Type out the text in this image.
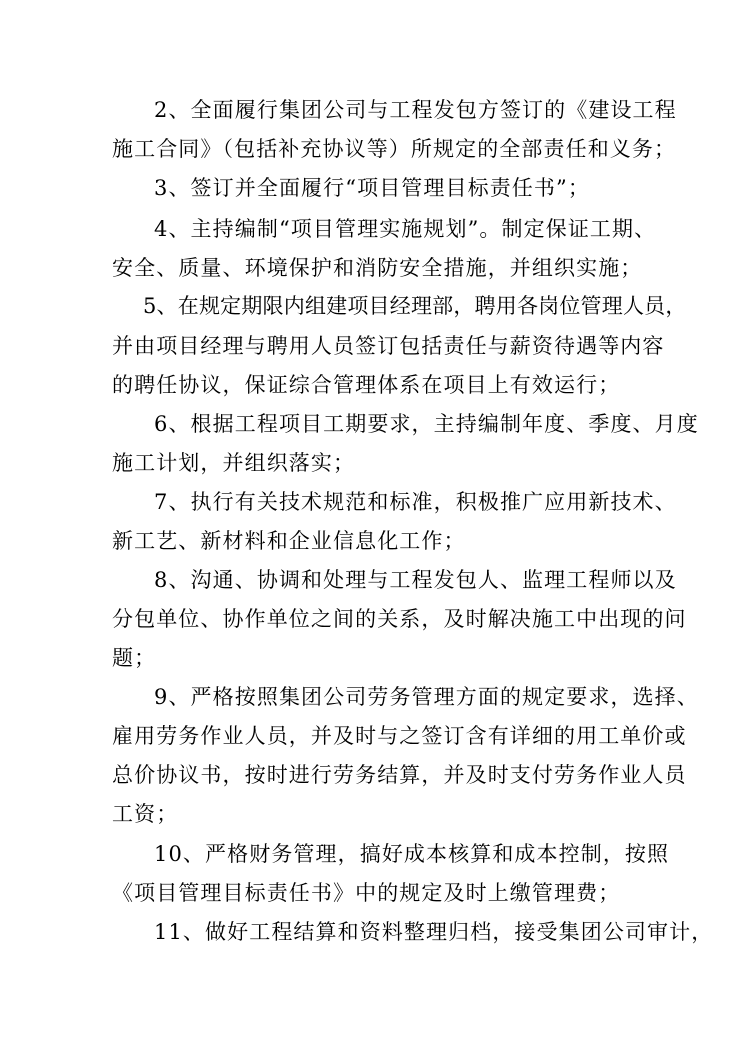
2、全面履行集团公司与工程发包方签订的《建设工程
施工合同》（包括补充协议等）所规定的全部责任和义务；
3、签订并全面履行“项目管理目标责任书”；
4、主持编制“项目管理实施规划”。制定保证工期、
安全、质量、环境保护和消防安全措施，并组织实施；
5、在规定期限内组建项目经理部，聘用各岗位管理人员，
并由项目经理与聘用人员签订包括责任与薪资待遇等内容
的聘任协议，保证综合管理体系在项目上有效运行；
6、根据工程项目工期要求，主持编制年度、季度、月度
施工计划，并组织落实；
7、执行有关技术规范和标准，积极推广应用新技术、
新工艺、新材料和企业信息化工作；
8、沟通、协调和处理与工程发包人、监理工程师以及
分包单位、协作单位之间的关系，及时解决施工中出现的问
题；
9、严格按照集团公司劳务管理方面的规定要求，选择、
雇用劳务作业人员，并及时与之签订含有详细的用工单价或
总价协议书，按时进行劳务结算，并及时支付劳务作业人员
工资；
10、严格财务管理，搞好成本核算和成本控制，按照
《项目管理目标责任书》中的规定及时上缴管理费；
11、做好工程结算和资料整理归档，接受集团公司审计，
